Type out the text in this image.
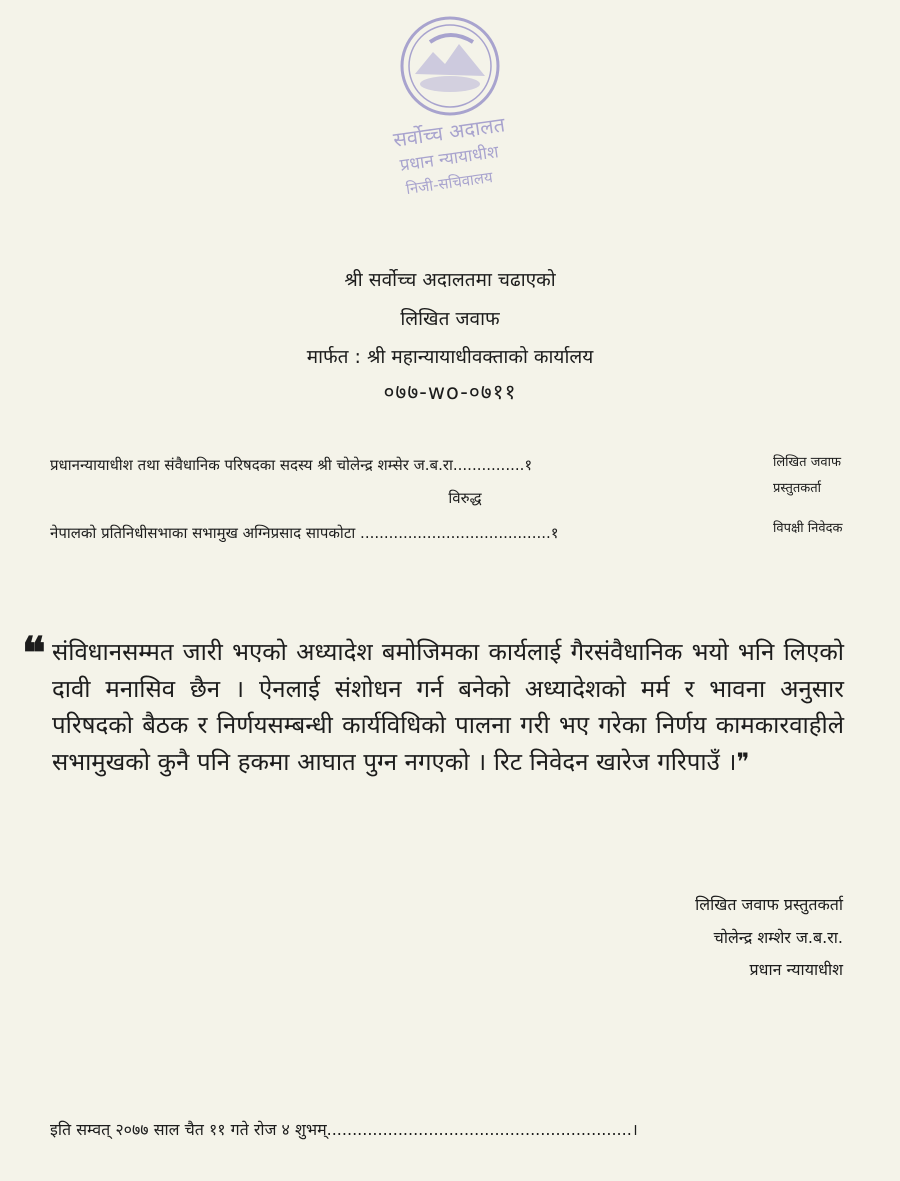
सर्वोच्च अदालत
प्रधान न्यायाधीश
निजी-सचिवालय
श्री सर्वोच्च अदालतमा चढाएको
लिखित जवाफ
मार्फत : श्री महान्यायाधीवक्ताको कार्यालय
०७७-wo-०७११
प्रधानन्यायाधीश तथा संवैधानिक परिषदका सदस्य श्री चोलेन्द्र शम्सेर ज.ब.रा...............१	लिखित जवाफ प्रस्तुतकर्ता
विरुद्ध
नेपालको प्रतिनिधीसभाका सभामुख अग्निप्रसाद सापकोटा ........................................१	विपक्षी निवेदक
❝ संविधानसम्मत जारी भएको अध्यादेश बमोजिमका कार्यलाई गैरसंवैधानिक भयो भनि लिएको दावी मनासिव छैन । ऐनलाई संशोधन गर्न बनेको अध्यादेशको मर्म र भावना अनुसार परिषदको बैठक र निर्णयसम्बन्धी कार्यविधिको पालना गरी भए गरेका निर्णय कामकारवाहीले सभामुखको कुनै पनि हकमा आघात पुग्न नगएको । रिट निवेदन खारेज गरिपाउँ ।❞
लिखित जवाफ प्रस्तुतकर्ता
चोलेन्द्र शम्शेर ज.ब.रा.
प्रधान न्यायाधीश
इति सम्वत् २०७७ साल चैत ११ गते रोज ४ शुभम्............................................................।
